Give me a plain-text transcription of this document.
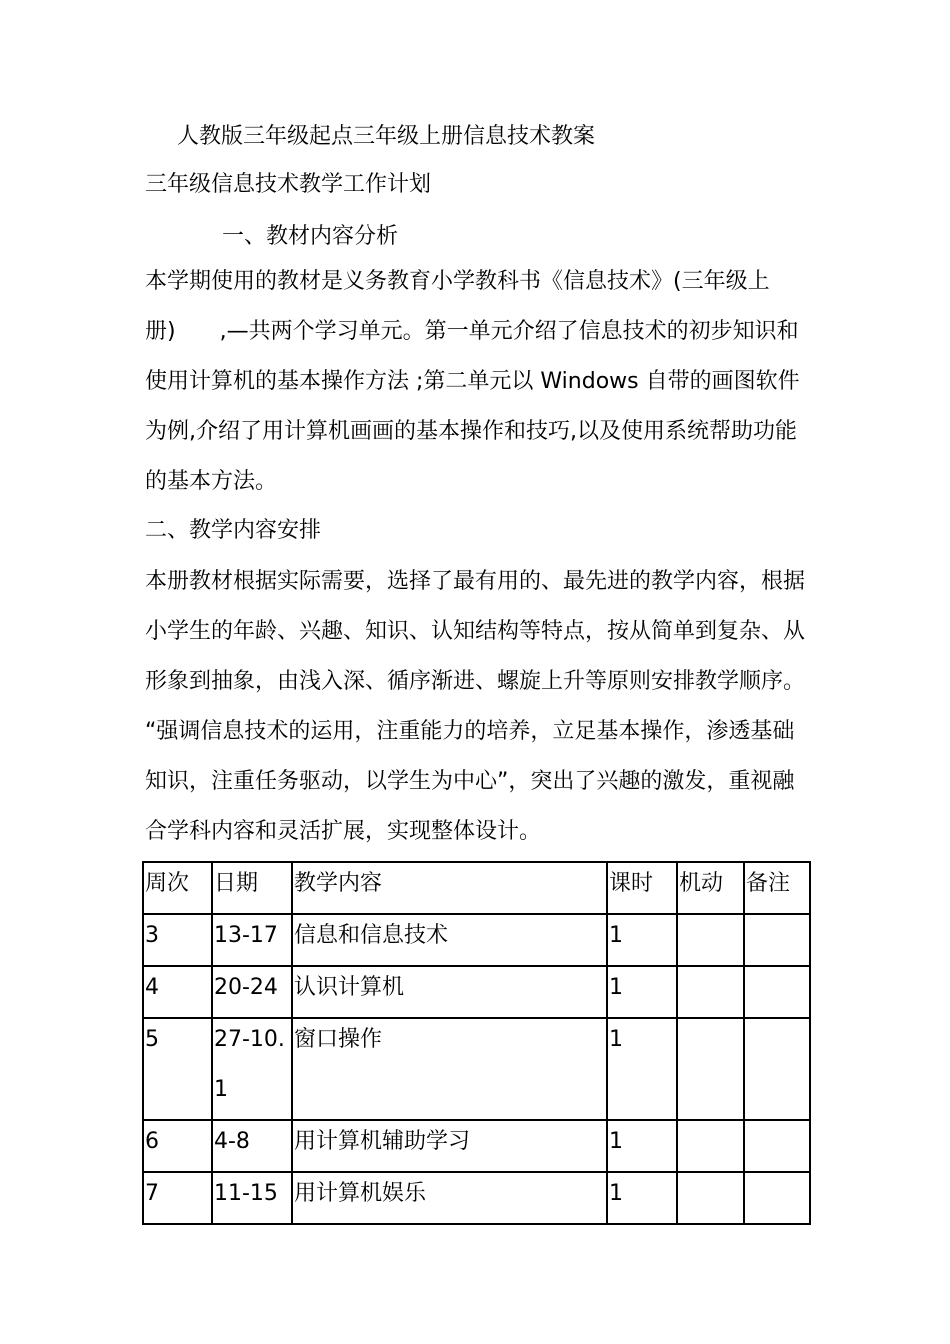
人教版三年级起点三年级上册信息技术教案
三年级信息技术教学工作计划
一、教材内容分析
本学期使用的教材是义务教育小学教科书《信息技术》(三年级上
册)　　,—共两个学习单元。第一单元介绍了信息技术的初步知识和
使用计算机的基本操作方法 ;第二单元以 Windows 自带的画图软件
为例,介绍了用计算机画画的基本操作和技巧,以及使用系统帮助功能
的基本方法。
二、教学内容安排
本册教材根据实际需要，选择了最有用的、最先进的教学内容，根据
小学生的年龄、兴趣、知识、认知结构等特点，按从简单到复杂、从
形象到抽象，由浅入深、循序渐进、螺旋上升等原则安排教学顺序。
“强调信息技术的运用，注重能力的培养，立足基本操作，渗透基础
知识，注重任务驱动，以学生为中心”，突出了兴趣的激发，重视融
合学科内容和灵活扩展，实现整体设计。
周次	日期	教学内容	课时	机动	备注

3	13-17	信息和信息技术	1		

4	20-24	认识计算机	1		

5	27-10.1	窗口操作	1		

6	4-8	用计算机辅助学习	1		

7	11-15	用计算机娱乐	1		
